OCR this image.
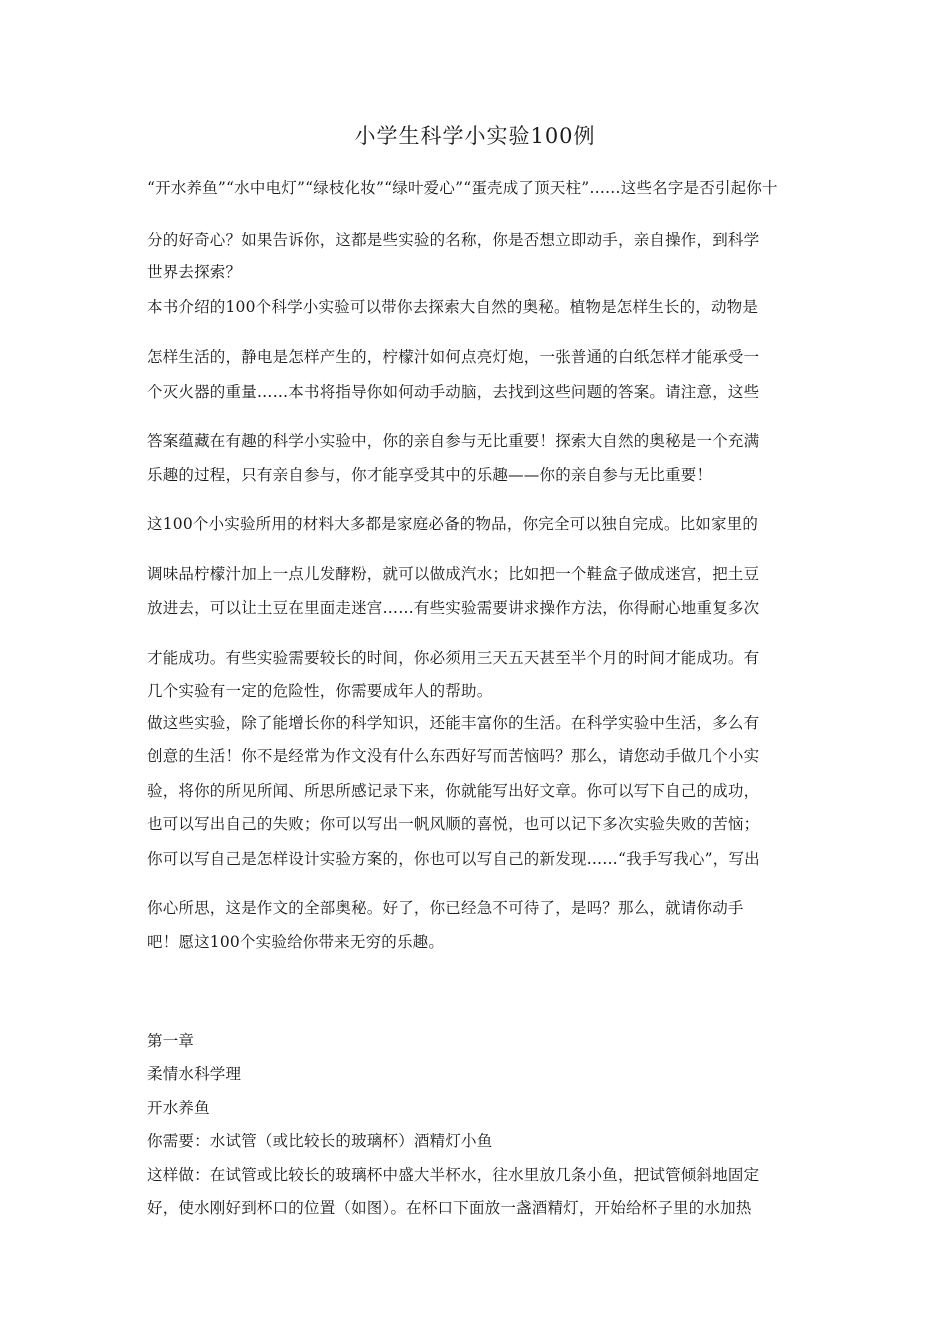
小学生科学小实验100例
“开水养鱼”“水中电灯”“绿枝化妆”“绿叶爱心”“蛋壳成了顶天柱”……这些名字是否引起你十
分的好奇心？如果告诉你，这都是些实验的名称，你是否想立即动手，亲自操作，到科学
世界去探索？
本书介绍的100个科学小实验可以带你去探索大自然的奥秘。植物是怎样生长的，动物是
怎样生活的，静电是怎样产生的，柠檬汁如何点亮灯炮，一张普通的白纸怎样才能承受一
个灭火器的重量……本书将指导你如何动手动脑，去找到这些问题的答案。请注意，这些
答案蕴藏在有趣的科学小实验中，你的亲自参与无比重要！探索大自然的奥秘是一个充满
乐趣的过程，只有亲自参与，你才能享受其中的乐趣——你的亲自参与无比重要！
这100个小实验所用的材料大多都是家庭必备的物品，你完全可以独自完成。比如家里的
调味品柠檬汁加上一点儿发酵粉，就可以做成汽水；比如把一个鞋盒子做成迷宫，把土豆
放进去，可以让土豆在里面走迷宫……有些实验需要讲求操作方法，你得耐心地重复多次
才能成功。有些实验需要较长的时间，你必须用三天五天甚至半个月的时间才能成功。有
几个实验有一定的危险性，你需要成年人的帮助。
做这些实验，除了能增长你的科学知识，还能丰富你的生活。在科学实验中生活，多么有
创意的生活！你不是经常为作文没有什么东西好写而苦恼吗？那么，请您动手做几个小实
验，将你的所见所闻、所思所感记录下来，你就能写出好文章。你可以写下自己的成功，
也可以写出自己的失败；你可以写出一帆风顺的喜悦，也可以记下多次实验失败的苦恼；
你可以写自己是怎样设计实验方案的，你也可以写自己的新发现……“我手写我心”，写出
你心所思，这是作文的全部奥秘。好了，你已经急不可待了，是吗？那么，就请你动手
吧！愿这100个实验给你带来无穷的乐趣。
第一章
柔情水科学理
开水养鱼
你需要：水试管（或比较长的玻璃杯）酒精灯小鱼
这样做：在试管或比较长的玻璃杯中盛大半杯水，往水里放几条小鱼，把试管倾斜地固定
好，使水刚好到杯口的位置（如图）。在杯口下面放一盏酒精灯，开始给杯子里的水加热
